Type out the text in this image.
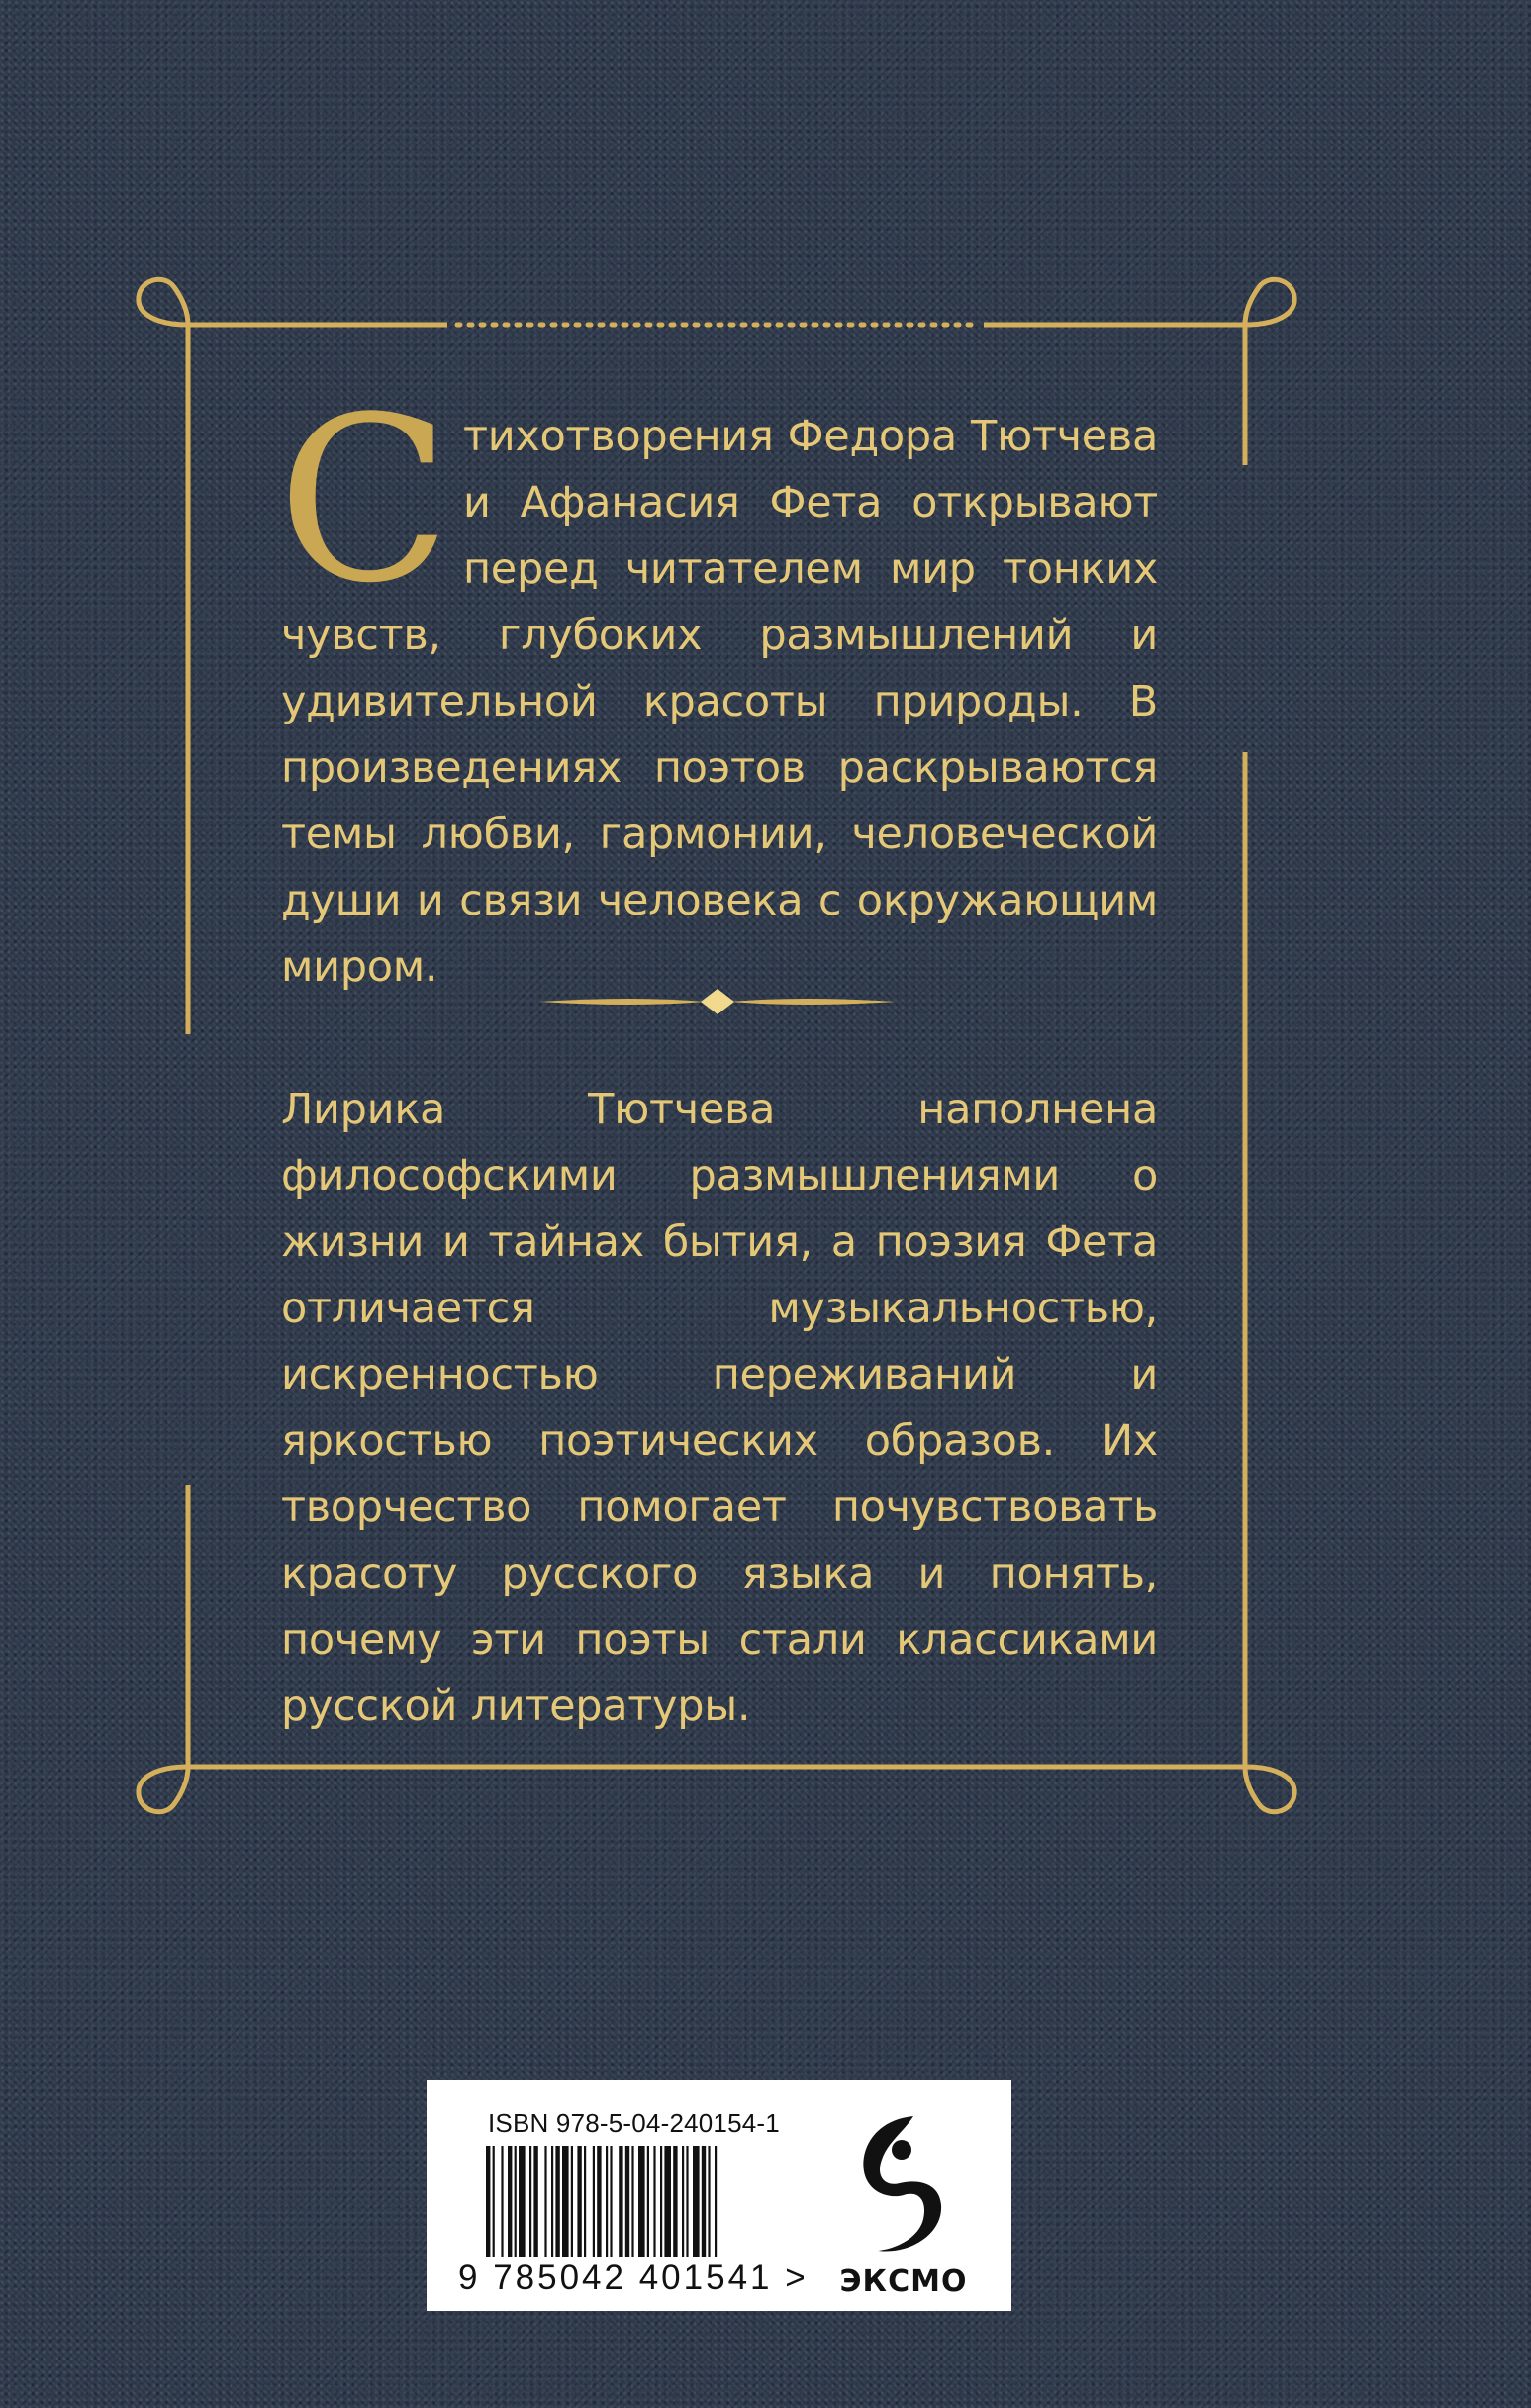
Стихотворения Федора Тютчева и Афанасия Фета открывают перед читателем мир тонких чувств, глубоких размышлений и удивительной красоты природы. В произведениях поэтов раскрываются темы любви, гармонии, человеческой души и связи человека с окружающим миром.
Лирика Тютчева наполнена философскими размышлениями о жизни и тайнах бытия, а поэзия Фета отличается музыкальностью, искренностью переживаний и яркостью поэтических образов. Их творчество помогает почувствовать красоту русского языка и понять, почему эти поэты стали классиками русской литературы.
ISBN 978-5-04-240154-1
9 785042 401541 > ЭКСМО
